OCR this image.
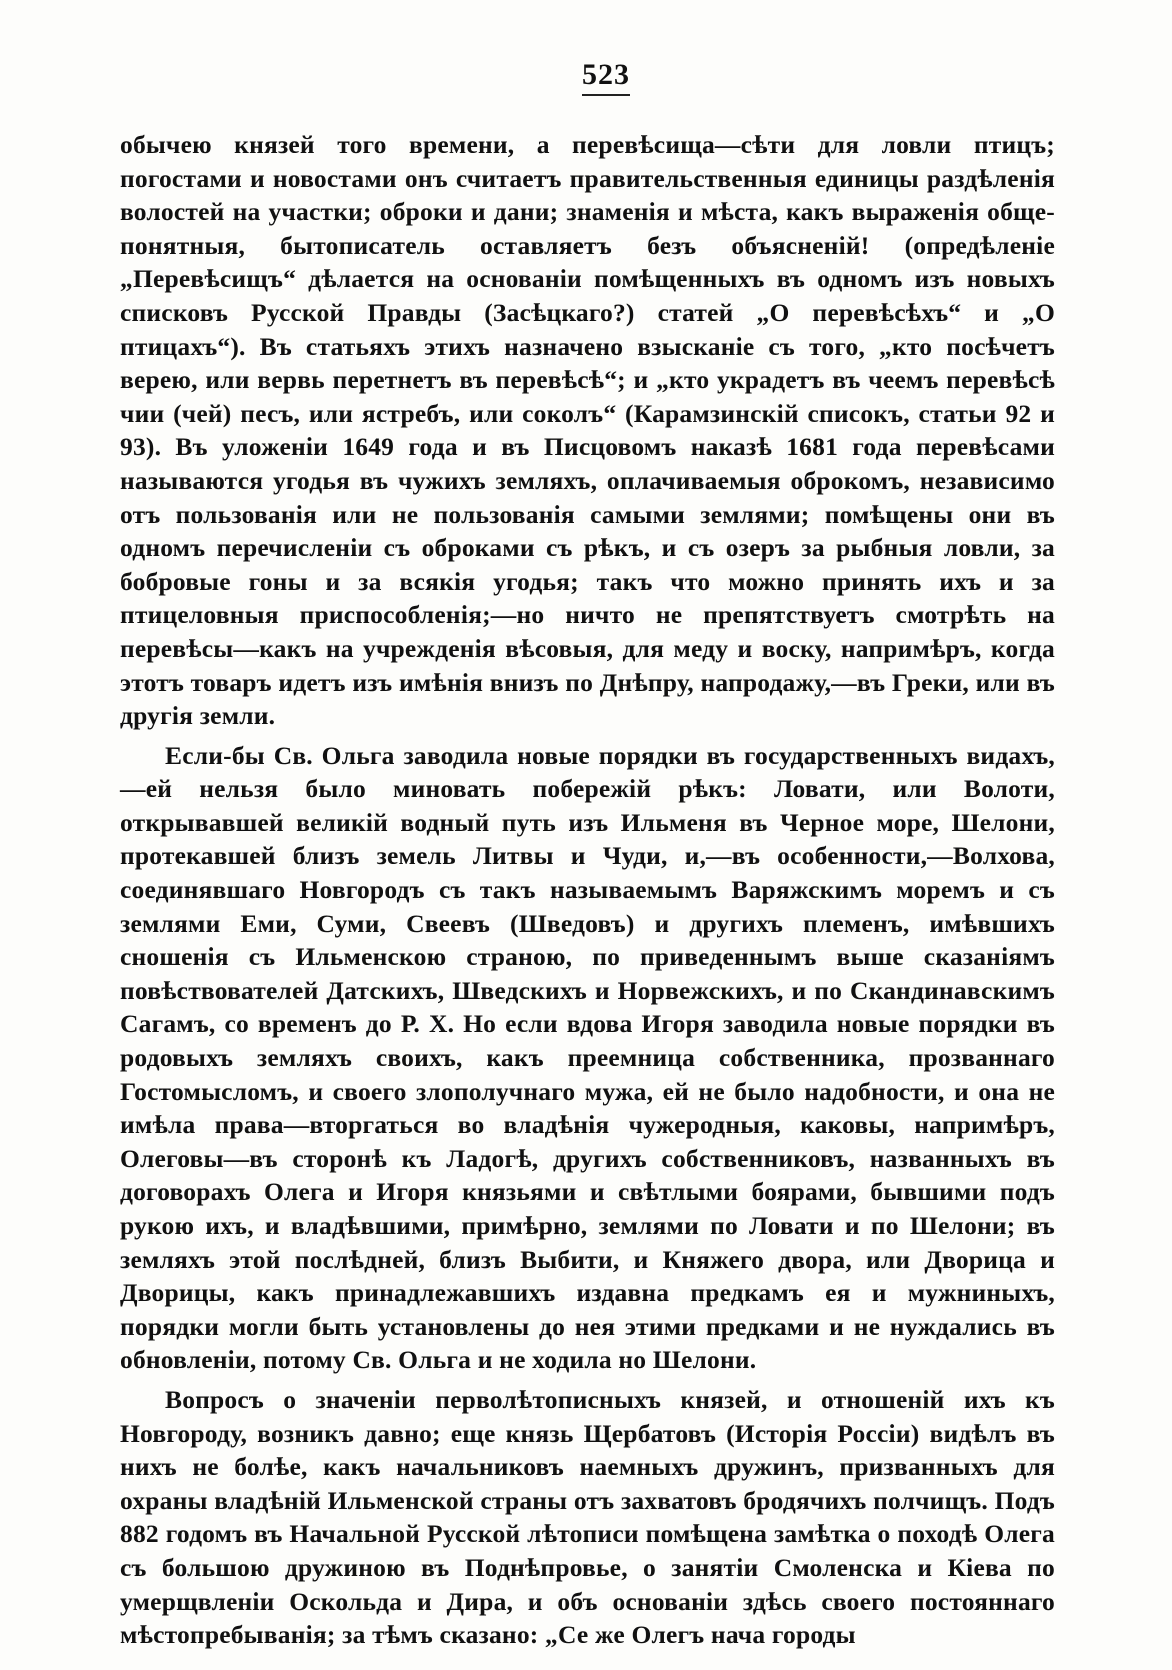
523

обычею князей того времени, а перевѣсища—сѣти для ловли птицъ; погостами и новостами онъ считаетъ правительственныя единицы раздѣленія волостей на участки; оброки и дани; знаменія и мѣста, какъ выраженія обще-понятныя, бытописатель оставляетъ безъ объясненій! (опредѣленіе „Перевѣсищъ“ дѣлается на основаніи помѣщенныхъ въ одномъ изъ новыхъ списковъ Русской Правды (Засѣцкаго?) статей „О перевѣсѣхъ“ и „О птицахъ“). Въ статьяхъ этихъ назначено взысканіе съ того, „кто посѣчетъ верею, или вервь перетнетъ въ перевѣсѣ“; и „кто украдетъ въ чеемъ перевѣсѣ чии (чей) песъ, или ястребъ, или соколъ“ (Карамзинскій списокъ, статьи 92 и 93). Въ уложеніи 1649 года и въ Писцовомъ наказѣ 1681 года перевѣсами называются угодья въ чужихъ земляхъ, оплачиваемыя оброкомъ, независимо отъ пользованія или не пользованія самыми землями; помѣщены они въ одномъ перечисленіи съ оброками съ рѣкъ, и съ озеръ за рыбныя ловли, за бобровые гоны и за всякія угодья; такъ что можно принять ихъ и за птицеловныя приспособленія;—но ничто не препятствуетъ смотрѣть на перевѣсы—какъ на учрежденія вѣсовыя, для меду и воску, напримѣръ, когда этотъ товаръ идетъ изъ имѣнія внизъ по Днѣпру, напродажу,—въ Греки, или въ другія земли.

Если-бы Св. Ольга заводила новые порядки въ государственныхъ видахъ,—ей нельзя было миновать побережій рѣкъ: Ловати, или Волоти, открывавшей великій водный путь изъ Ильменя въ Черное море, Шелони, протекавшей близъ земель Литвы и Чуди, и,—въ особенности,—Волхова, соединявшаго Новгородъ съ такъ называемымъ Варяжскимъ моремъ и съ землями Еми, Суми, Свеевъ (Шведовъ) и другихъ племенъ, имѣвшихъ сношенія съ Ильменскою страною, по приведеннымъ выше сказаніямъ повѣствователей Датскихъ, Шведскихъ и Норвежскихъ, и по Скандинавскимъ Сагамъ, со временъ до Р. Х. Но если вдова Игоря заводила новые порядки въ родовыхъ земляхъ своихъ, какъ преемница собственника, прозваннаго Гостомысломъ, и своего злополучнаго мужа, ей не было надобности, и она не имѣла права—вторгаться во владѣнія чужеродныя, каковы, напримѣръ, Олеговы—въ сторонѣ къ Ладогѣ, другихъ собственниковъ, названныхъ въ договорахъ Олега и Игоря князьями и свѣтлыми боярами, бывшими подъ рукою ихъ, и владѣвшими, примѣрно, землями по Ловати и по Шелони; въ земляхъ этой послѣдней, близъ Выбити, и Княжего двора, или Дворица и Дворицы, какъ принадлежавшихъ издавна предкамъ ея и мужниныхъ, порядки могли быть установлены до нея этими предками и не нуждались въ обновленіи, потому Св. Ольга и не ходила но Шелони.

Вопросъ о значеніи перволѣтописныхъ князей, и отношеній ихъ къ Новгороду, возникъ давно; еще князь Щербатовъ (Исторія Россіи) видѣлъ въ нихъ не болѣе, какъ начальниковъ наемныхъ дружинъ, призванныхъ для охраны владѣній Ильменской страны отъ захватовъ бродячихъ полчищъ. Подъ 882 годомъ въ Начальной Русской лѣтописи помѣщена замѣтка о походѣ Олега съ большою дружиною въ Поднѣпровье, о занятіи Смоленска и Кіева по умерщвленіи Оскольда и Дира, и объ основаніи здѣсь своего постояннаго мѣстопребыванія; за тѣмъ сказано: „Се же Олегъ нача городы
